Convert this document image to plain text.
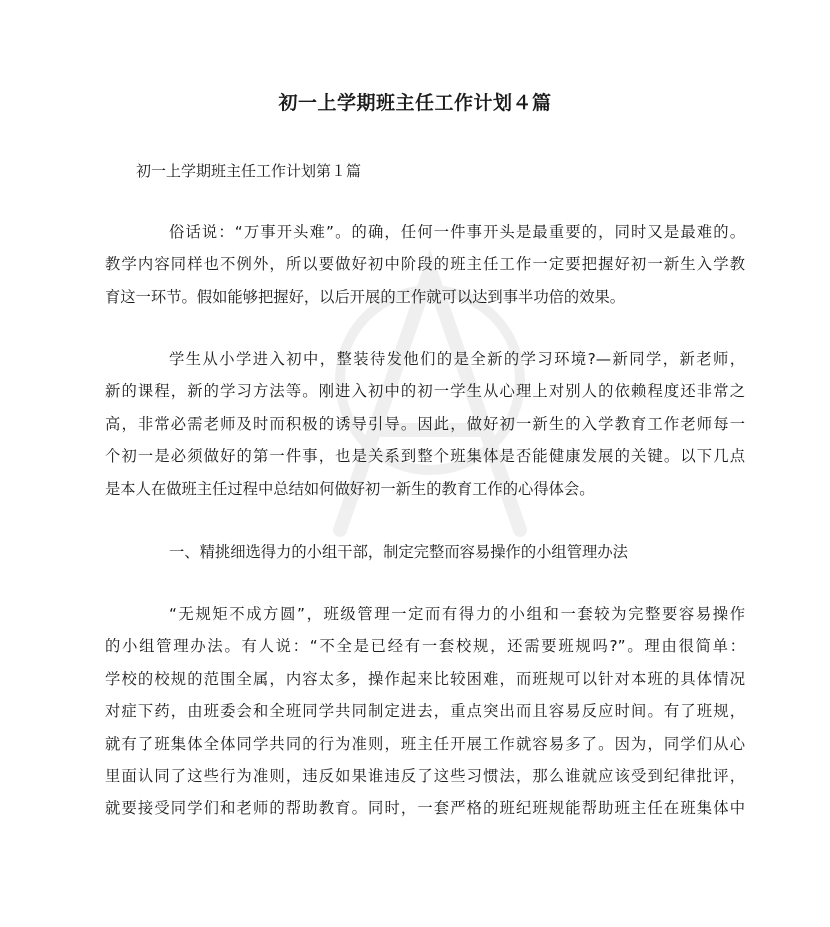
初一上学期班主任工作计划４篇
初一上学期班主任工作计划第１篇
俗话说：“万事开头难”。的确，任何一件事开头是最重要的，同时又是最难的。
教学内容同样也不例外，所以要做好初中阶段的班主任工作一定要把握好初一新生入学教
育这一环节。假如能够把握好，以后开展的工作就可以达到事半功倍的效果。
学生从小学进入初中，整装待发他们的是全新的学习环境?—新同学，新老师，
新的课程，新的学习方法等。刚进入初中的初一学生从心理上对别人的依赖程度还非常之
高，非常必需老师及时而积极的诱导引导。因此，做好初一新生的入学教育工作老师每一
个初一是必须做好的第一件事，也是关系到整个班集体是否能健康发展的关键。以下几点
是本人在做班主任过程中总结如何做好初一新生的教育工作的心得体会。
一、精挑细选得力的小组干部，制定完整而容易操作的小组管理办法
“无规矩不成方圆”，班级管理一定而有得力的小组和一套较为完整要容易操作
的小组管理办法。有人说：“不全是已经有一套校规，还需要班规吗?”。理由很简单：
学校的校规的范围全属，内容太多，操作起来比较困难，而班规可以针对本班的具体情况
对症下药，由班委会和全班同学共同制定进去，重点突出而且容易反应时间。有了班规，
就有了班集体全体同学共同的行为准则，班主任开展工作就容易多了。因为，同学们从心
里面认同了这些行为准则，违反如果谁违反了这些习惯法，那么谁就应该受到纪律批评，
就要接受同学们和老师的帮助教育。同时，一套严格的班纪班规能帮助班主任在班集体中
